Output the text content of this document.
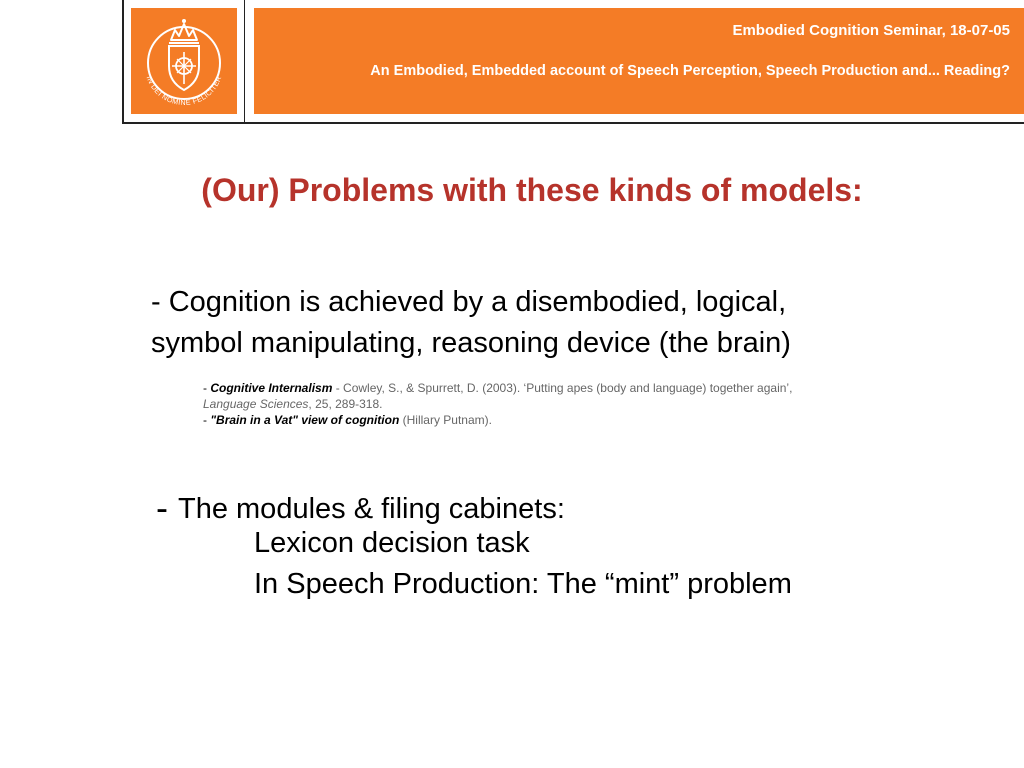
IN DEI NOMINE FELICITER
Embodied Cognition Seminar, 18-07-05
An Embodied, Embedded account of Speech Perception, Speech Production and... Reading?
(Our) Problems with these kinds of models:
- Cognition is achieved by a disembodied, logical,
symbol manipulating, reasoning device (the brain)
- Cognitive Internalism - Cowley, S., & Spurrett, D. (2003). ‘Putting apes (body and language) together again’,
Language Sciences, 25, 289-318.
- "Brain in a Vat" view of cognition (Hillary Putnam).
- The modules & filing cabinets:
Lexicon decision task
In Speech Production: The “mint” problem
